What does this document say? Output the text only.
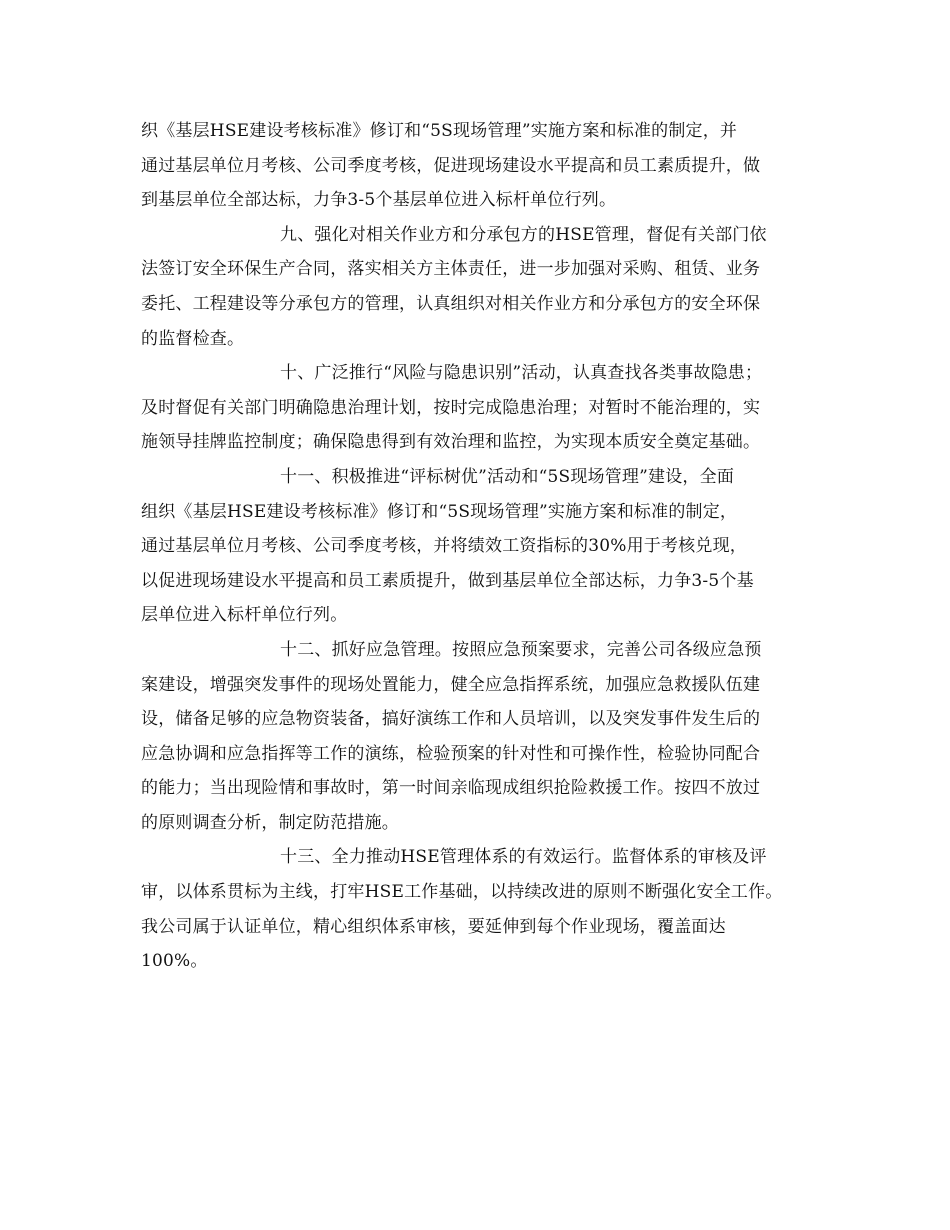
织《基层HSE建设考核标准》修订和“5S现场管理”实施方案和标准的制定，并
通过基层单位月考核、公司季度考核，促进现场建设水平提高和员工素质提升，做
到基层单位全部达标，力争3-5个基层单位进入标杆单位行列。
九、强化对相关作业方和分承包方的HSE管理，督促有关部门依
法签订安全环保生产合同，落实相关方主体责任，进一步加强对采购、租赁、业务
委托、工程建设等分承包方的管理，认真组织对相关作业方和分承包方的安全环保
的监督检查。
十、广泛推行“风险与隐患识别”活动，认真查找各类事故隐患；
及时督促有关部门明确隐患治理计划，按时完成隐患治理；对暂时不能治理的，实
施领导挂牌监控制度；确保隐患得到有效治理和监控，为实现本质安全奠定基础。
十一、积极推进“评标树优”活动和“5S现场管理”建设，全面
组织《基层HSE建设考核标准》修订和“5S现场管理”实施方案和标准的制定，
通过基层单位月考核、公司季度考核，并将绩效工资指标的30%用于考核兑现，
以促进现场建设水平提高和员工素质提升，做到基层单位全部达标，力争3-5个基
层单位进入标杆单位行列。
十二、抓好应急管理。按照应急预案要求，完善公司各级应急预
案建设，增强突发事件的现场处置能力，健全应急指挥系统，加强应急救援队伍建
设，储备足够的应急物资装备，搞好演练工作和人员培训，以及突发事件发生后的
应急协调和应急指挥等工作的演练，检验预案的针对性和可操作性，检验协同配合
的能力；当出现险情和事故时，第一时间亲临现成组织抢险救援工作。按四不放过
的原则调查分析，制定防范措施。
十三、全力推动HSE管理体系的有效运行。监督体系的审核及评
审，以体系贯标为主线，打牢HSE工作基础，以持续改进的原则不断强化安全工作。
我公司属于认证单位，精心组织体系审核，要延伸到每个作业现场，覆盖面达
100%。
